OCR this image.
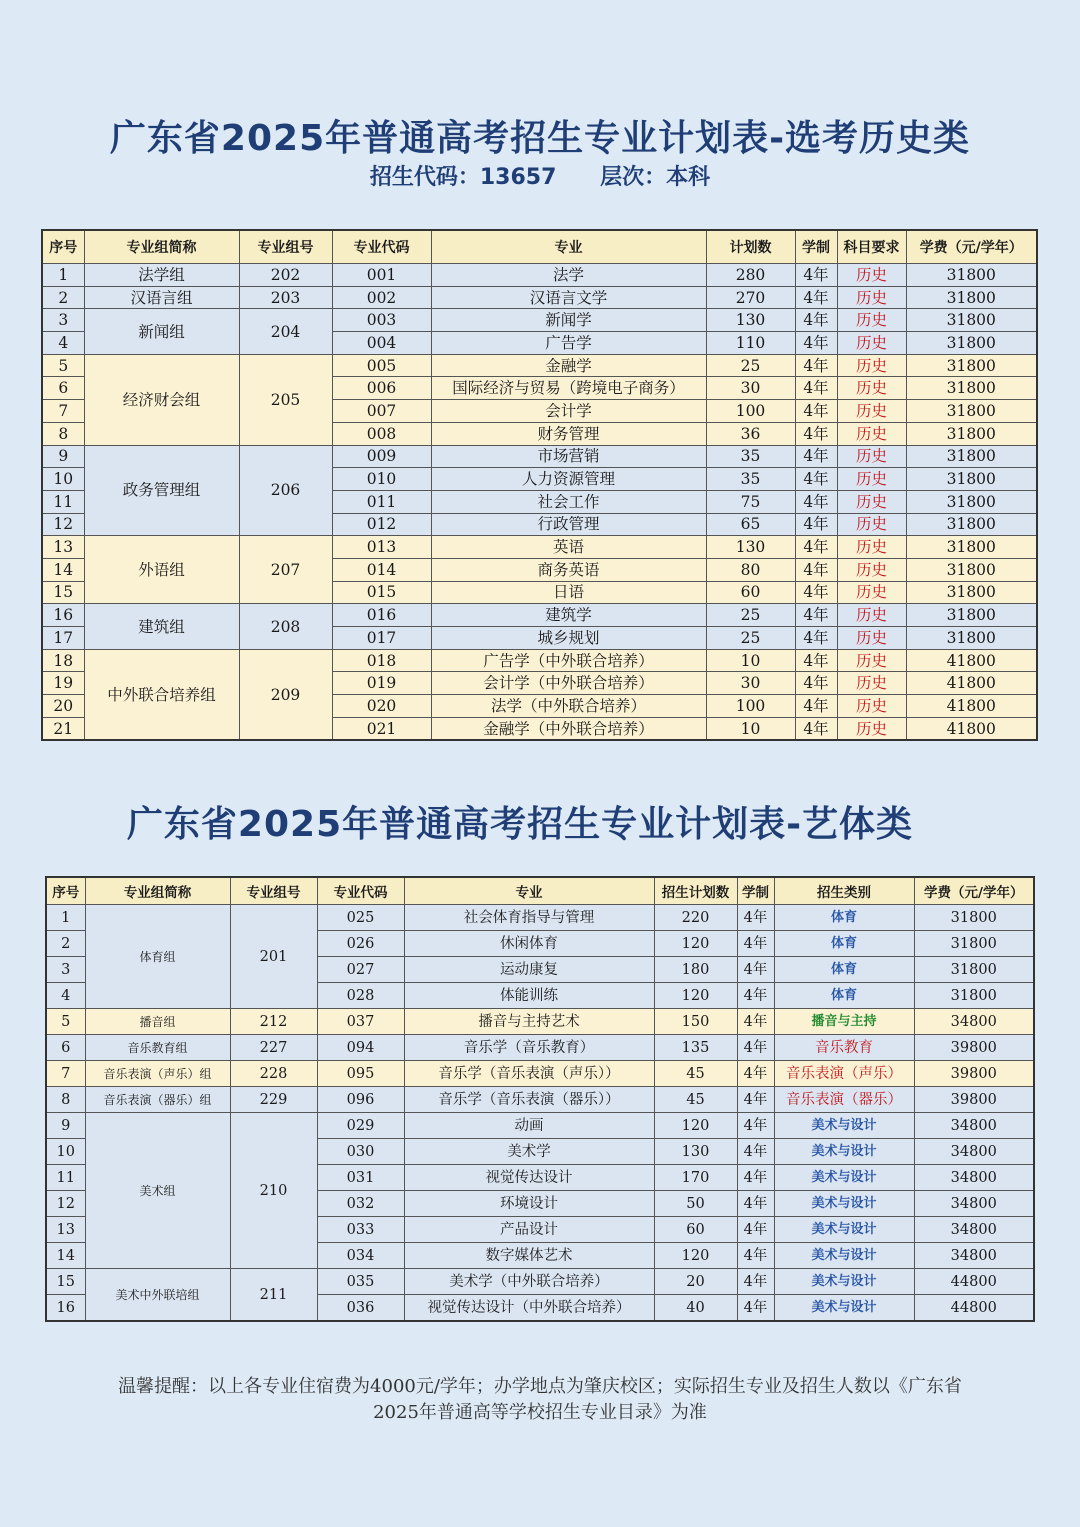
广东省2025年普通高考招生专业计划表-选考历史类
招生代码：13657 层次：本科
序号	专业组简称	专业组号	专业代码	专业	计划数	学制	科目要求	学费（元/学年）
1	法学组	202	001	法学	280	4年	历史	31800
2	汉语言组	203	002	汉语言文学	270	4年	历史	31800
3	新闻组	204	003	新闻学	130	4年	历史	31800
4			004	广告学	110	4年	历史	31800
5	经济财会组	205	005	金融学	25	4年	历史	31800
6			006	国际经济与贸易（跨境电子商务）	30	4年	历史	31800
7			007	会计学	100	4年	历史	31800
8			008	财务管理	36	4年	历史	31800
9	政务管理组	206	009	市场营销	35	4年	历史	31800
10			010	人力资源管理	35	4年	历史	31800
11			011	社会工作	75	4年	历史	31800
12			012	行政管理	65	4年	历史	31800
13	外语组	207	013	英语	130	4年	历史	31800
14			014	商务英语	80	4年	历史	31800
15			015	日语	60	4年	历史	31800
16	建筑组	208	016	建筑学	25	4年	历史	31800
17			017	城乡规划	25	4年	历史	31800
18	中外联合培养组	209	018	广告学（中外联合培养）	10	4年	历史	41800
19			019	会计学（中外联合培养）	30	4年	历史	41800
20			020	法学（中外联合培养）	100	4年	历史	41800
21			021	金融学（中外联合培养）	10	4年	历史	41800
广东省2025年普通高考招生专业计划表-艺体类
序号	专业组简称	专业组号	专业代码	专业	招生计划数	学制	招生类别	学费（元/学年）
1	体育组	201	025	社会体育指导与管理	220	4年	体育	31800
2			026	休闲体育	120	4年	体育	31800
3			027	运动康复	180	4年	体育	31800
4			028	体能训练	120	4年	体育	31800
5	播音组	212	037	播音与主持艺术	150	4年	播音与主持	34800
6	音乐教育组	227	094	音乐学（音乐教育）	135	4年	音乐教育	39800
7	音乐表演（声乐）组	228	095	音乐学（音乐表演（声乐））	45	4年	音乐表演（声乐）	39800
8	音乐表演（器乐）组	229	096	音乐学（音乐表演（器乐））	45	4年	音乐表演（器乐）	39800
9	美术组	210	029	动画	120	4年	美术与设计	34800
10			030	美术学	130	4年	美术与设计	34800
11			031	视觉传达设计	170	4年	美术与设计	34800
12			032	环境设计	50	4年	美术与设计	34800
13			033	产品设计	60	4年	美术与设计	34800
14			034	数字媒体艺术	120	4年	美术与设计	34800
15	美术中外联培组	211	035	美术学（中外联合培养）	20	4年	美术与设计	44800
16			036	视觉传达设计（中外联合培养）	40	4年	美术与设计	44800
温馨提醒：以上各专业住宿费为4000元/学年；办学地点为肇庆校区；实际招生专业及招生人数以《广东省
2025年普通高等学校招生专业目录》为准
